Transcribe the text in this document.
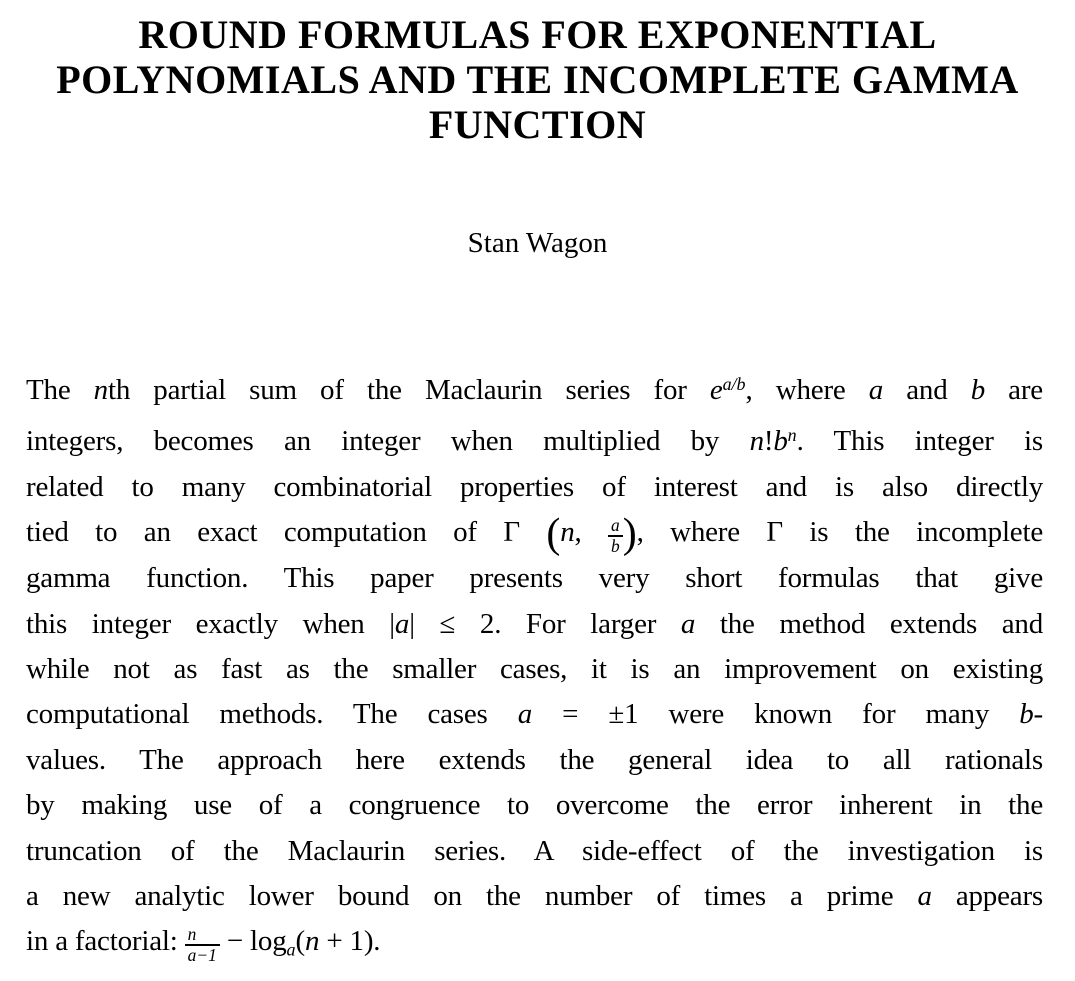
ROUND FORMULAS FOR EXPONENTIAL
POLYNOMIALS AND THE INCOMPLETE GAMMA
FUNCTION
Stan Wagon
The nth partial sum of the Maclaurin series for $e^{a/b}$, where a and b are
integers, becomes an integer when multiplied by $n!b^n$. This integer is
related to many combinatorial properties of interest and is also directly
tied to an exact computation of Γ (n, $\frac{a}{b}$ ), where Γ is the incomplete
gamma function. This paper presents very short formulas that give
this integer exactly when |a| ≤ 2. For larger a the method extends and
while not as fast as the smaller cases, it is an improvement on existing
computational methods. The cases a = ±1 were known for many b-
values. The approach here extends the general idea to all rationals
by making use of a congruence to overcome the error inherent in the
truncation of the Maclaurin series. A side-effect of the investigation is
a new analytic lower bound on the number of times a prime a appears
in a factorial: $\frac{n}{a-1} - \log_a(n + 1)$.
